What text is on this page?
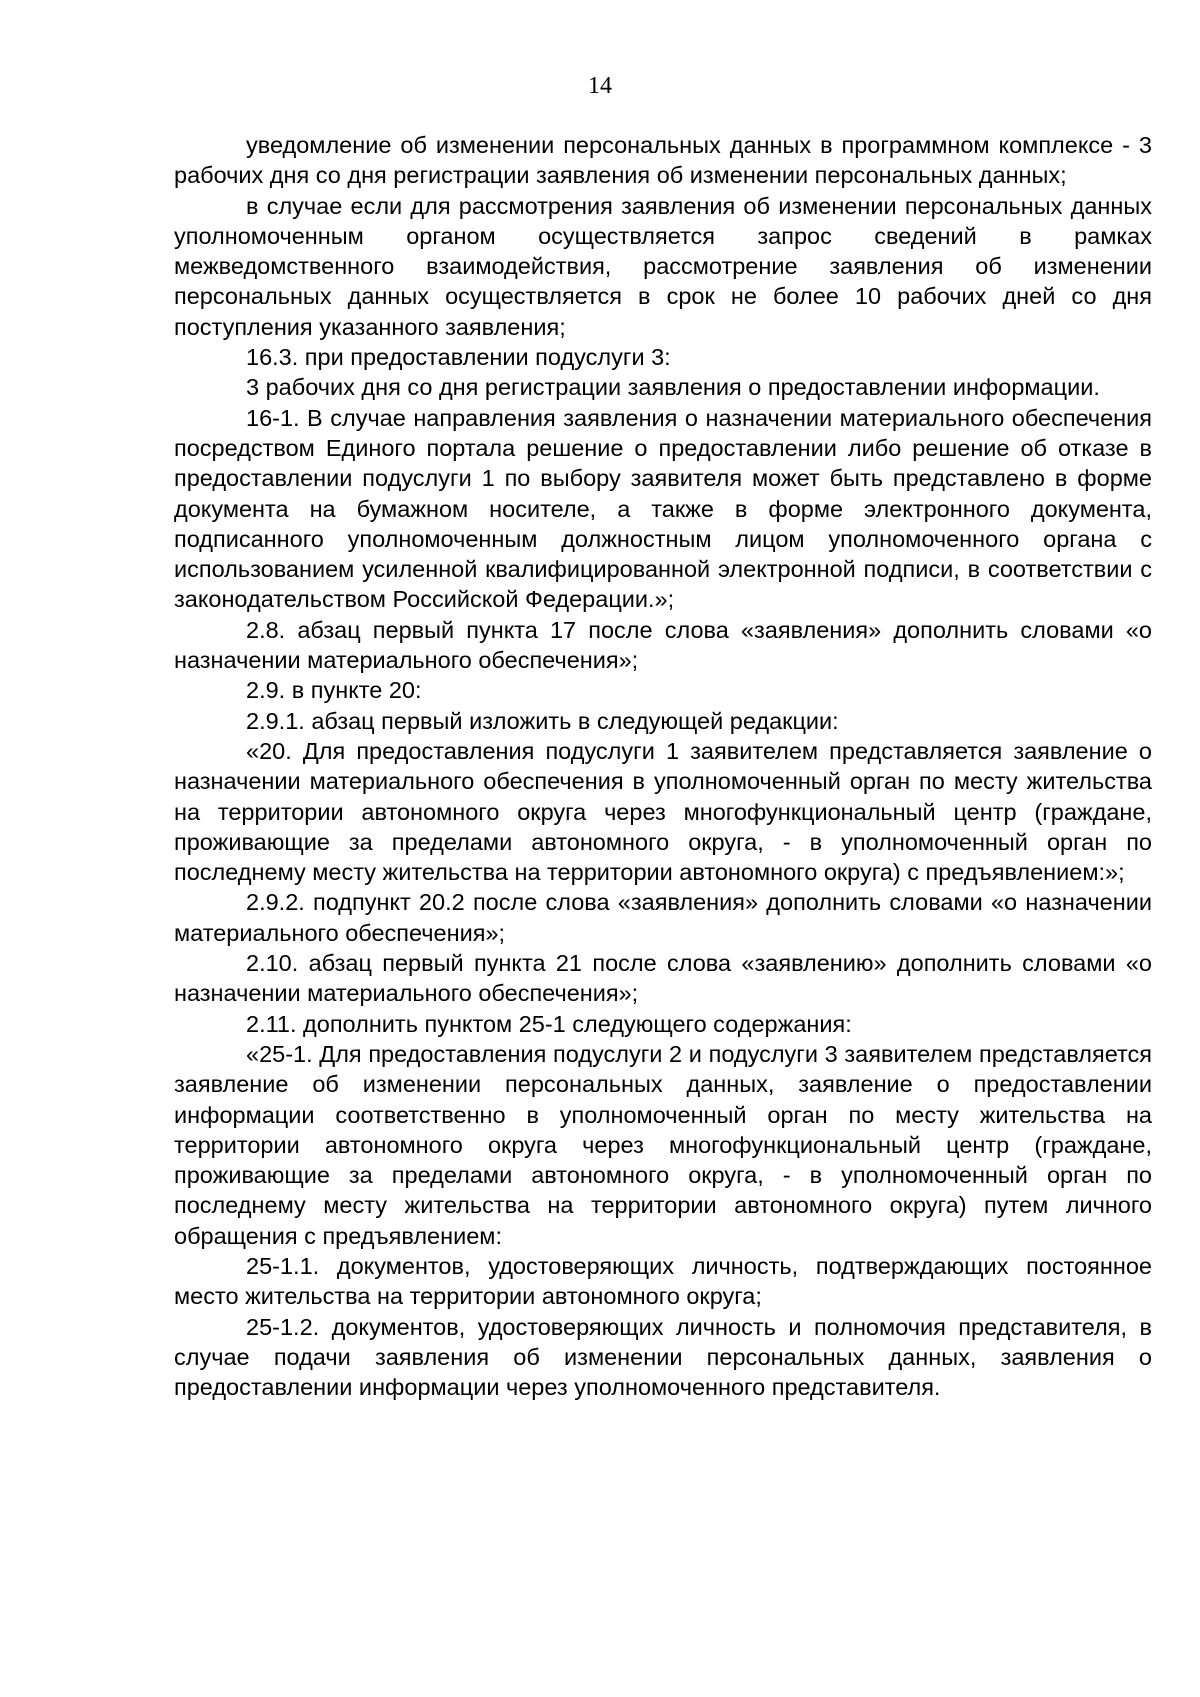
14

уведомление об изменении персональных данных в программном комплексе - 3 рабочих дня со дня регистрации заявления об изменении персональных данных;

в случае если для рассмотрения заявления об изменении персональных данных уполномоченным органом осуществляется запрос сведений в рамках межведомственного взаимодействия, рассмотрение заявления об изменении персональных данных осуществляется в срок не более 10 рабочих дней со дня поступления указанного заявления;

16.3. при предоставлении подуслуги 3:

3 рабочих дня со дня регистрации заявления о предоставлении информации.

16-1. В случае направления заявления о назначении материального обеспечения посредством Единого портала решение о предоставлении либо решение об отказе в предоставлении подуслуги 1 по выбору заявителя может быть представлено в форме документа на бумажном носителе, а также в форме электронного документа, подписанного уполномоченным должностным лицом уполномоченного органа с использованием усиленной квалифицированной электронной подписи, в соответствии с законодательством Российской Федерации.»;

2.8. абзац первый пункта 17 после слова «заявления» дополнить словами «о назначении материального обеспечения»;

2.9. в пункте 20:

2.9.1. абзац первый изложить в следующей редакции:

«20. Для предоставления подуслуги 1 заявителем представляется заявление о назначении материального обеспечения в уполномоченный орган по месту жительства на территории автономного округа через многофункциональный центр (граждане, проживающие за пределами автономного округа, - в уполномоченный орган по последнему месту жительства на территории автономного округа) с предъявлением:»;

2.9.2. подпункт 20.2 после слова «заявления» дополнить словами «о назначении материального обеспечения»;

2.10. абзац первый пункта 21 после слова «заявлению» дополнить словами «о назначении материального обеспечения»;

2.11. дополнить пунктом 25-1 следующего содержания:

«25-1. Для предоставления подуслуги 2 и подуслуги 3 заявителем представляется заявление об изменении персональных данных, заявление о предоставлении информации соответственно в уполномоченный орган по месту жительства на территории автономного округа через многофункциональный центр (граждане, проживающие за пределами автономного округа, - в уполномоченный орган по последнему месту жительства на территории автономного округа) путем личного обращения с предъявлением:

25-1.1. документов, удостоверяющих личность, подтверждающих постоянное место жительства на территории автономного округа;

25-1.2. документов, удостоверяющих личность и полномочия представителя, в случае подачи заявления об изменении персональных данных, заявления о предоставлении информации через уполномоченного представителя.
